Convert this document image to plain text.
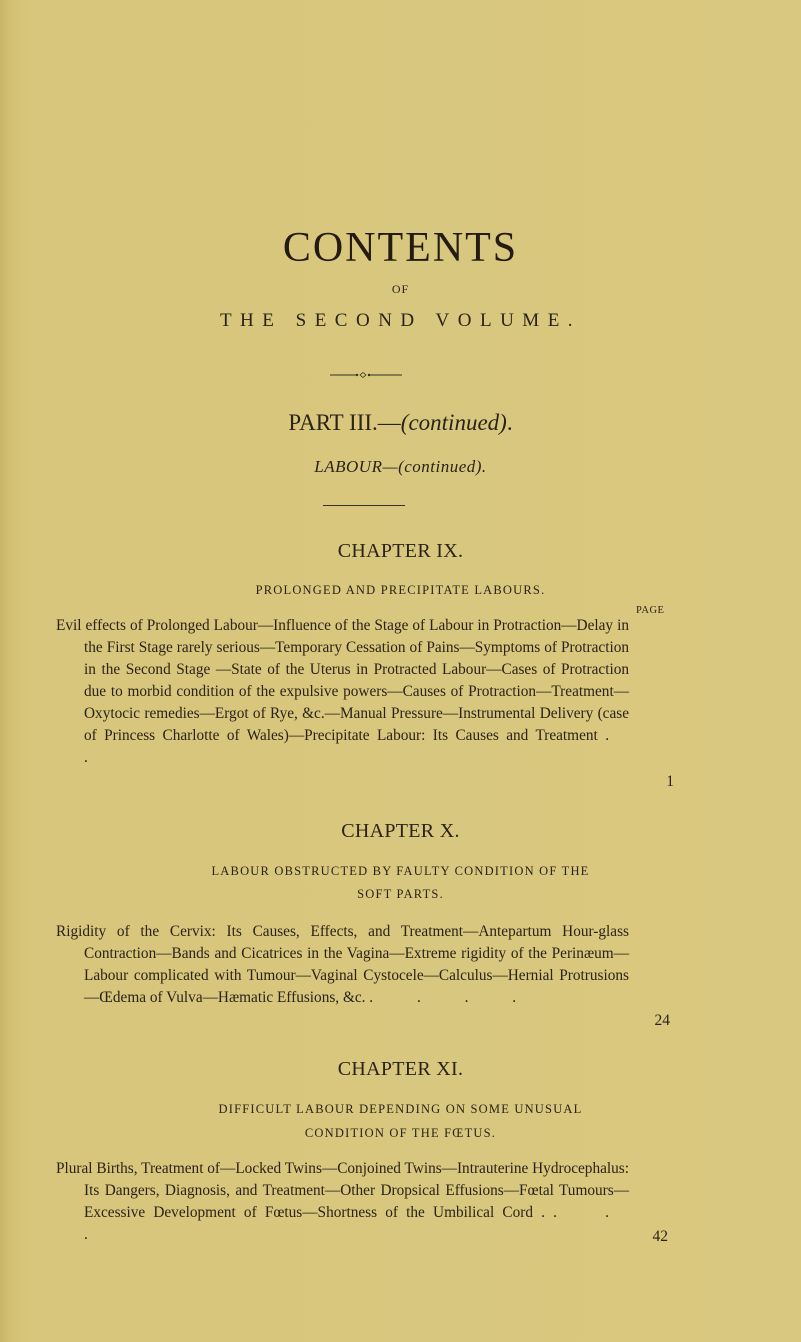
CONTENTS
OF
THE SECOND VOLUME.
PART III.—(continued).
LABOUR—(continued).
CHAPTER IX.
PROLONGED AND PRECIPITATE LABOURS.
PAGE
Evil effects of Prolonged Labour—Influence of the Stage of Labour in Protraction—Delay in the First Stage rarely serious—Temporary Cessation of Pains—Symptoms of Protraction in the Second Stage —State of the Uterus in Protracted Labour—Cases of Protraction due to morbid condition of the expulsive powers—Causes of Protraction—Treatment—Oxytocic remedies—Ergot of Rye, &c.—Manual Pressure—Instrumental Delivery (case of Princess Charlotte of Wales)—Precipitate Labour: Its Causes and Treatment . .
1
CHAPTER X.
LABOUR OBSTRUCTED BY FAULTY CONDITION OF THE
SOFT PARTS.
Rigidity of the Cervix: Its Causes, Effects, and Treatment—Antepartum Hour-glass Contraction—Bands and Cicatrices in the Vagina—Extreme rigidity of the Perinæum—Labour complicated with Tumour—Vaginal Cystocele—Calculus—Hernial Protrusions —Œdema of Vulva—Hæmatic Effusions, &c. . . . .
24
CHAPTER XI.
DIFFICULT LABOUR DEPENDING ON SOME UNUSUAL
CONDITION OF THE FŒTUS.
Plural Births, Treatment of—Locked Twins—Conjoined Twins—Intrauterine Hydrocephalus: Its Dangers, Diagnosis, and Treatment—Other Dropsical Effusions—Fœtal Tumours—Excessive Development of Fœtus—Shortness of the Umbilical Cord . . . .	42
